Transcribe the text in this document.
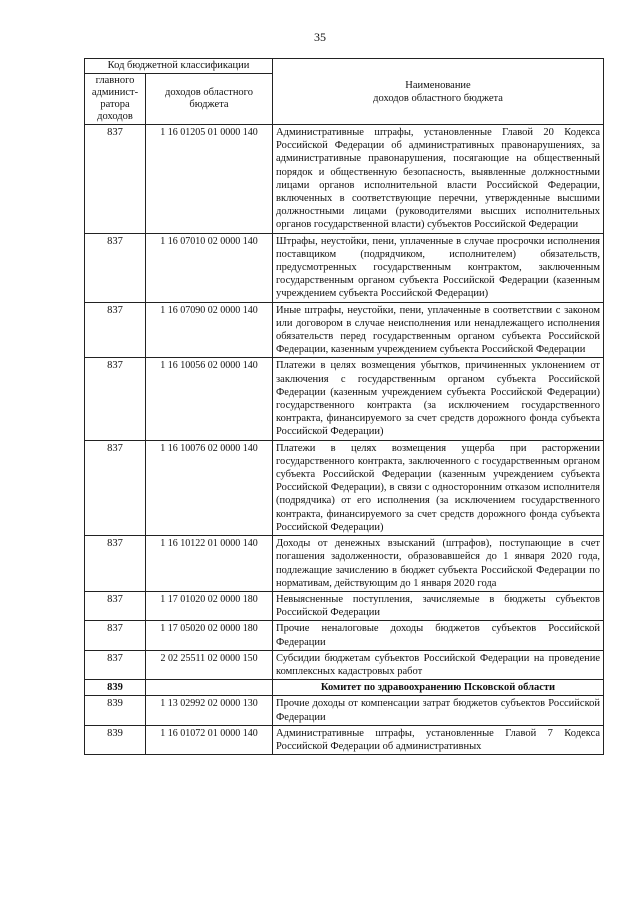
35
Код бюджетной классификации		Наименование
доходов областного бюджета
главного админист-ратора доходов	доходов областного бюджета	
837	1 16 01205 01 0000 140	Административные штрафы, установленные Главой 20 Кодекса Российской Федерации об административных правонарушениях, за административные правонарушения, посягающие на общественный порядок и общественную безопасность, выявленные должностными лицами органов исполнительной власти Российской Федерации, включенных в соответствующие перечни, утвержденные высшими должностными лицами (руководителями высших исполнительных органов государственной власти) субъектов Российской Федерации
837	1 16 07010 02 0000 140	Штрафы, неустойки, пени, уплаченные в случае просрочки исполнения поставщиком (подрядчиком, исполнителем) обязательств, предусмотренных государственным контрактом, заключенным государственным органом субъекта Российской Федерации (казенным учреждением субъекта Российской Федерации)
837	1 16 07090 02 0000 140	Иные штрафы, неустойки, пени, уплаченные в соответствии с законом или договором в случае неисполнения или ненадлежащего исполнения обязательств перед государственным органом субъекта Российской Федерации, казенным учреждением субъекта Российской Федерации
837	1 16 10056 02 0000 140	Платежи в целях возмещения убытков, причиненных уклонением от заключения с государственным органом субъекта Российской Федерации (казенным учреждением субъекта Российской Федерации) государственного контракта (за исключением государственного контракта, финансируемого за счет средств дорожного фонда субъекта Российской Федерации)
837	1 16 10076 02 0000 140	Платежи в целях возмещения ущерба при расторжении государственного контракта, заключенного с государственным органом субъекта Российской Федерации (казенным учреждением субъекта Российской Федерации), в связи с односторонним отказом исполнителя (подрядчика) от его исполнения (за исключением государственного контракта, финансируемого за счет средств дорожного фонда субъекта Российской Федерации)
837	1 16 10122 01 0000 140	Доходы от денежных взысканий (штрафов), поступающие в счет погашения задолженности, образовавшейся до 1 января 2020 года, подлежащие зачислению в бюджет субъекта Российской Федерации по нормативам, действующим до 1 января 2020 года
837	1 17 01020 02 0000 180	Невыясненные поступления, зачисляемые в бюджеты субъектов Российской Федерации
837	1 17 05020 02 0000 180	Прочие неналоговые доходы бюджетов субъектов Российской Федерации
837	2 02 25511 02 0000 150	Субсидии бюджетам субъектов Российской Федерации на проведение комплексных кадастровых работ
839		Комитет по здравоохранению Псковской области
839	1 13 02992 02 0000 130	Прочие доходы от компенсации затрат бюджетов субъектов Российской Федерации
839	1 16 01072 01 0000 140	Административные штрафы, установленные Главой 7 Кодекса Российской Федерации об административных
